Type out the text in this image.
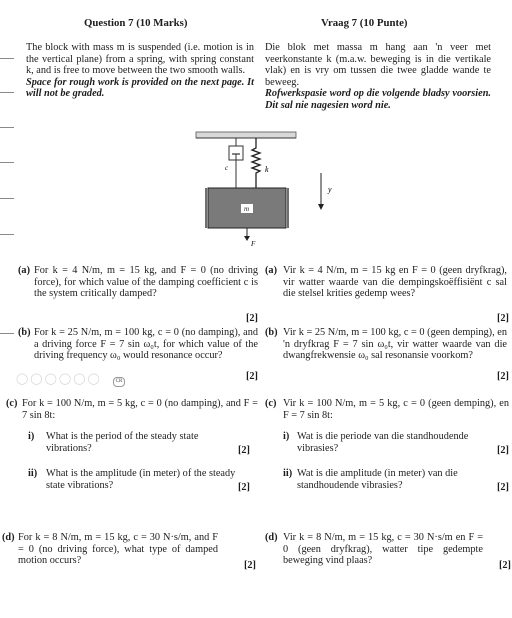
Question 7 (10 Marks)	Vraag 7 (10 Punte)
The block with mass m is suspended (i.e. motion is in the vertical plane) from a spring, with spring constant k, and is free to move between the two smooth walls.
Space for rough work is provided on the next page. It will not be graded.
Die blok met massa m hang aan 'n veer met veerkonstante k (m.a.w. beweging is in die vertikale vlak) en is vry om tussen die twee gladde wande te beweeg.
Rofwerkspasie word op die volgende bladsy voorsien. Dit sal nie nagesien word nie.
c	k
m
y
F
(a) For k = 4 N/m, m = 15 kg, and F = 0 (no driving force), for which value of the damping coefficient c is the system critically damped?
[2]
(a) Vir k = 4 N/m, m = 15 kg en F = 0 (geen dryfkrag), vir watter waarde van die dempingskoëffisiënt c sal die stelsel krities gedemp wees?
[2]
(b) For k = 25 N/m, m = 100 kg, c = 0 (no damping), and a driving force F = 7 sin ω₀t, for which value of the driving frequency ω₀ would resonance occur?
[2]
(b) Vir k = 25 N/m, m = 100 kg, c = 0 (geen demping), en 'n dryfkrag F = 7 sin ω₀t, vir watter waarde van die dwangfrekwensie ω₀ sal resonansie voorkom?
[2]
◯◯◯◯◯◯	CR
(c) For k = 100 N/m, m = 5 kg, c = 0 (no damping), and F = 7 sin 8t:
(c) Vir k = 100 N/m, m = 5 kg, c = 0 (geen demping), en F = 7 sin 8t:
i) What is the period of the steady state vibrations?	[2]
i) Wat is die periode van die standhoudende vibrasies?	[2]
ii) What is the amplitude (in meter) of the steady state vibrations?	[2]
ii) Wat is die amplitude (in meter) van die standhoudende vibrasies?	[2]
(d) For k = 8 N/m, m = 15 kg, c = 30 N·s/m, and F = 0 (no driving force), what type of damped motion occurs?	[2]
(d) Vir k = 8 N/m, m = 15 kg, c = 30 N·s/m en F = 0 (geen dryfkrag), watter tipe gedempte beweging vind plaas?	[2]
